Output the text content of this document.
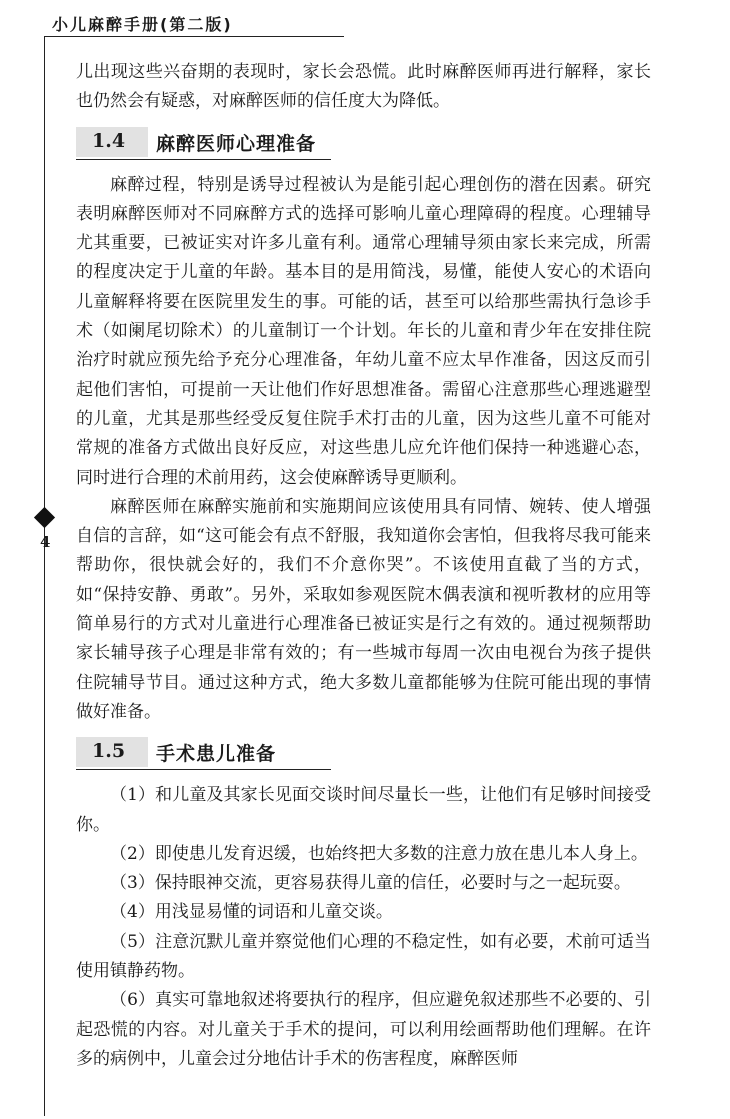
小儿麻醉手册(第二版)
4

儿出现这些兴奋期的表现时，家长会恐慌。此时麻醉医师再进行解释，家长也仍然会有疑惑，对麻醉医师的信任度大为降低。

1.4 麻醉医师心理准备

麻醉过程，特别是诱导过程被认为是能引起心理创伤的潜在因素。研究表明麻醉医师对不同麻醉方式的选择可影响儿童心理障碍的程度。心理辅导尤其重要，已被证实对许多儿童有利。通常心理辅导须由家长来完成，所需的程度决定于儿童的年龄。基本目的是用简浅，易懂，能使人安心的术语向儿童解释将要在医院里发生的事。可能的话，甚至可以给那些需执行急诊手术（如阑尾切除术）的儿童制订一个计划。年长的儿童和青少年在安排住院治疗时就应预先给予充分心理准备，年幼儿童不应太早作准备，因这反而引起他们害怕，可提前一天让他们作好思想准备。需留心注意那些心理逃避型的儿童，尤其是那些经受反复住院手术打击的儿童，因为这些儿童不可能对常规的准备方式做出良好反应，对这些患儿应允许他们保持一种逃避心态，同时进行合理的术前用药，这会使麻醉诱导更顺利。

麻醉医师在麻醉实施前和实施期间应该使用具有同情、婉转、使人增强自信的言辞，如“这可能会有点不舒服，我知道你会害怕，但我将尽我可能来帮助你，很快就会好的，我们不介意你哭”。不该使用直截了当的方式，如“保持安静、勇敢”。另外，采取如参观医院木偶表演和视听教材的应用等简单易行的方式对儿童进行心理准备已被证实是行之有效的。通过视频帮助家长辅导孩子心理是非常有效的；有一些城市每周一次由电视台为孩子提供住院辅导节目。通过这种方式，绝大多数儿童都能够为住院可能出现的事情做好准备。

1.5 手术患儿准备

（1）和儿童及其家长见面交谈时间尽量长一些，让他们有足够时间接受你。

（2）即使患儿发育迟缓，也始终把大多数的注意力放在患儿本人身上。

（3）保持眼神交流，更容易获得儿童的信任，必要时与之一起玩耍。

（4）用浅显易懂的词语和儿童交谈。

（5）注意沉默儿童并察觉他们心理的不稳定性，如有必要，术前可适当使用镇静药物。

（6）真实可靠地叙述将要执行的程序，但应避免叙述那些不必要的、引起恐慌的内容。对儿童关于手术的提问，可以利用绘画帮助他们理解。在许多的病例中，儿童会过分地估计手术的伤害程度，麻醉医师
